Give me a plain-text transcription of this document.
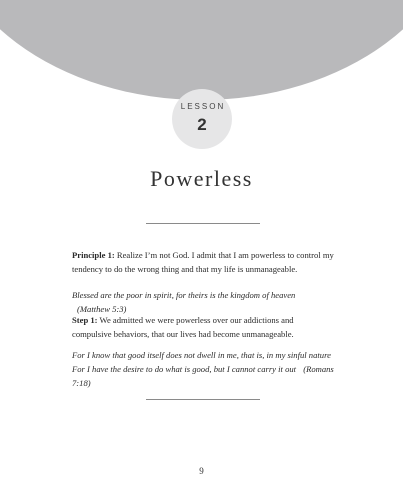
LESSON
2
Powerless
Principle 1: Realize I’m not God. I admit that I am powerless to control my tendency to do the wrong thing and that my life is unmanageable.
Blessed are the poor in spirit, for theirs is the kingdom of heaven (Matthew 5:3)
Step 1: We admitted we were powerless over our addictions and compulsive behaviors, that our lives had become unmanageable.
For I know that good itself does not dwell in me, that is, in my sinful nature For I have the desire to do what is good, but I cannot carry it out (Romans 7:18)
9
